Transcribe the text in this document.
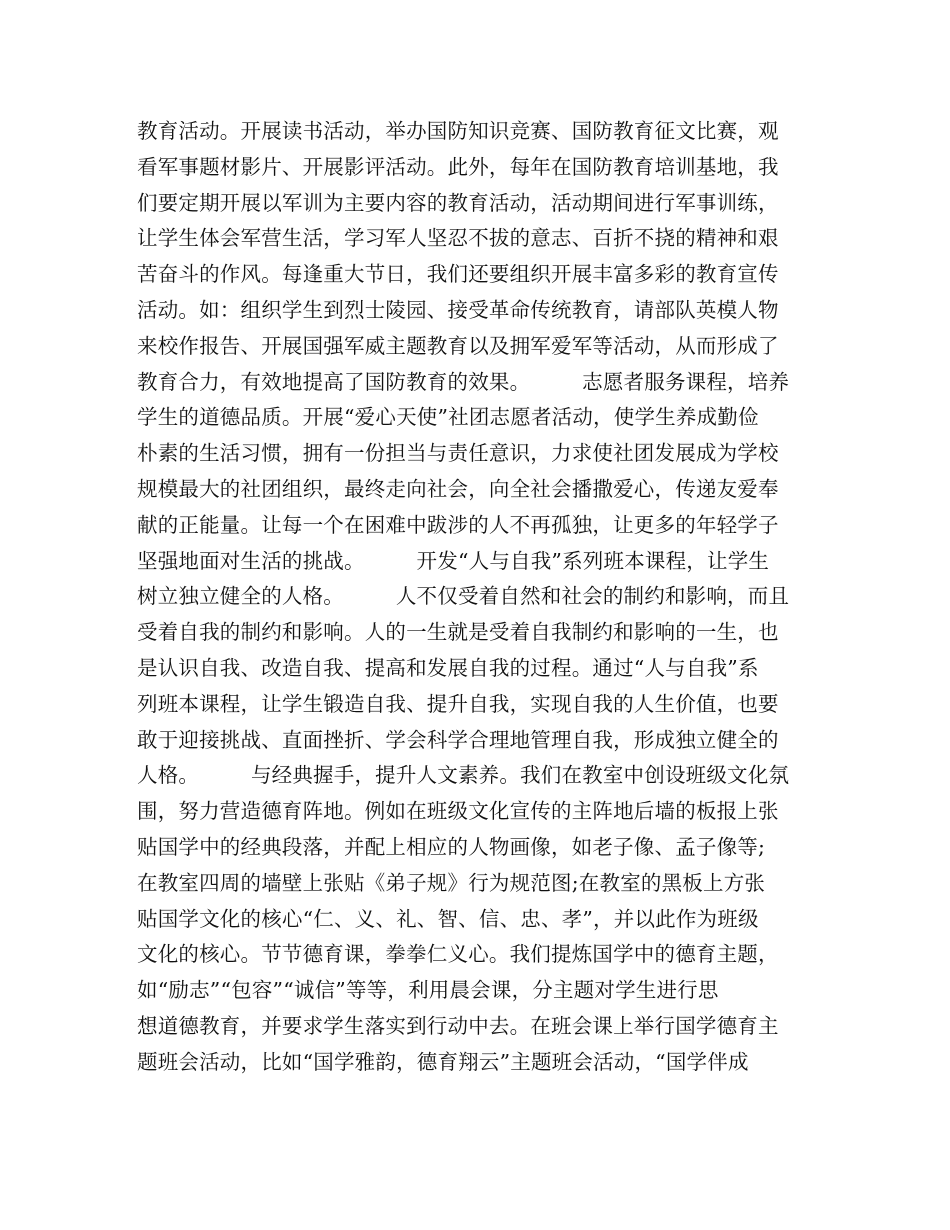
教育活动。开展读书活动，举办国防知识竞赛、国防教育征文比赛，观
看军事题材影片、开展影评活动。此外，每年在国防教育培训基地，我
们要定期开展以军训为主要内容的教育活动，活动期间进行军事训练，
让学生体会军营生活，学习军人坚忍不拔的意志、百折不挠的精神和艰
苦奋斗的作风。每逢重大节日，我们还要组织开展丰富多彩的教育宣传
活动。如：组织学生到烈士陵园、接受革命传统教育，请部队英模人物
来校作报告、开展国强军威主题教育以及拥军爱军等活动，从而形成了
教育合力，有效地提高了国防教育的效果。　　　志愿者服务课程，培养
学生的道德品质。开展“爱心天使”社团志愿者活动，使学生养成勤俭
朴素的生活习惯，拥有一份担当与责任意识，力求使社团发展成为学校
规模最大的社团组织，最终走向社会，向全社会播撒爱心，传递友爱奉
献的正能量。让每一个在困难中跋涉的人不再孤独，让更多的年轻学子
坚强地面对生活的挑战。　　　开发“人与自我”系列班本课程，让学生
树立独立健全的人格。　　　人不仅受着自然和社会的制约和影响，而且
受着自我的制约和影响。人的一生就是受着自我制约和影响的一生，也
是认识自我、改造自我、提高和发展自我的过程。通过“人与自我”系
列班本课程，让学生锻造自我、提升自我，实现自我的人生价值，也要
敢于迎接挑战、直面挫折、学会科学合理地管理自我，形成独立健全的
人格。　　　与经典握手，提升人文素养。我们在教室中创设班级文化氛
围，努力营造德育阵地。例如在班级文化宣传的主阵地后墙的板报上张
贴国学中的经典段落，并配上相应的人物画像，如老子像、孟子像等;
在教室四周的墙壁上张贴《弟子规》行为规范图;在教室的黑板上方张
贴国学文化的核心“仁、义、礼、智、信、忠、孝”，并以此作为班级
文化的核心。节节德育课，拳拳仁义心。我们提炼国学中的德育主题，
如“励志”“包容”“诚信”等等，利用晨会课，分主题对学生进行思
想道德教育，并要求学生落实到行动中去。在班会课上举行国学德育主
题班会活动，比如“国学雅韵，德育翔云”主题班会活动，“国学伴成
